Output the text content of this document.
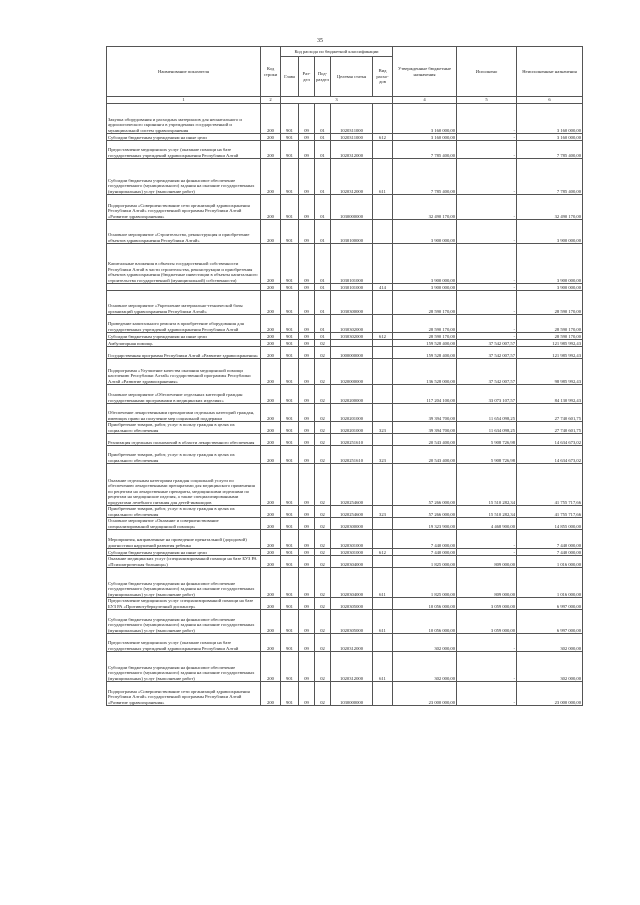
35
Наименование показателя	Код строки	Код расхода по бюджетной классификации					Утвержденные бюджетные назначения	Исполнено	Неисполненные назначения
		Глава	Раз-дел	Под-раздел	Целевая статья	Вид расхо-дов			
1	2	3					4	5	6
Закупка оборудования и расходных материалов для неонатального и аудиологического скрининга в учреждениях государственной и муниципальной систем здравоохранения	200	901	09	01	1020311000		3 160 000,00	-	3 160 000,00
Субсидии бюджетным учреждениям на иные цели	200	901	09	01	1020311000	612	3 160 000,00	-	3 160 000,00
Предоставление медицинских услуг (оказание помощи на базе государственных учреждений здравоохранения Республики Алтай	200	901	09	01	1020312000		7 785 400,00	-	7 785 400,00
Субсидии бюджетным учреждениям на финансовое обеспечение государственного (муниципального) задания на оказание государственных (муниципальных) услуг (выполнение работ)	200	901	09	01	1020312000	611	7 785 400,00	-	7 785 400,00
Подпрограмма «Совершенствование сети организаций здравоохранения Республики Алтай» государственной программы Республики Алтай «Развитие здравоохранения»	200	901	09	01	1030000000		32 490 170,00	-	32 490 170,00
Основное мероприятие «Строительство, реконструкция и приобретение объектов здравоохранения Республики Алтай»	200	901	09	01	1030100000		3 900 000,00	-	3 900 000,00
Капитальные вложения в объекты государственной собственности Республики Алтай в части строительства, реконструкции и приобретения объектов здравоохранения (бюджетные инвестиции в объекты капитального строительства государственной (муниципальной) собственности)	200	901	09	01	1030101000		3 900 000,00	-	3 900 000,00
	200	901	09	01	1030101000	414	3 900 000,00	-	3 900 000,00
Основное мероприятие «Укрепление материально-технической базы организаций здравоохранения Республики Алтай»	200	901	09	01	1030300000		28 590 170,00	-	28 590 170,00
Проведение капитального ремонта в приобретение оборудования для государственных учреждений здравоохранения Республики Алтай	200	901	09	01	1030302000		28 590 170,00	-	28 590 170,00
Субсидии бюджетным учреждениям на иные цели	200	901	09	01	1030302000	612	28 590 170,00	-	28 590 170,00
Амбулаторная помощь	200	901	09	02			159 528 400,00	37 542 007,57	121 985 992,43
Государственная программа Республики Алтай «Развитие здравоохранения»	200	901	09	02	1000000000		159 528 400,00	37 542 007,57	121 985 992,43
Подпрограмма «Улучшение качества оказания медицинской помощи населению Республики Алтай» государственной программы Республики Алтай «Развитие здравоохранения»	200	901	09	02	1020000000		136 528 000,00	37 542 007,57	98 985 992,43
Основное мероприятие «Обеспечение отдельных категорий граждан государственными программами в медицинских изделиях»	200	901	09	02	1020200000		117 204 100,00	33 073 107,57	84 130 992,43
Обеспечение лекарственными препаратами отдельных категорий граждан, имеющих право на получение мер социальной поддержки	200	901	09	02	1020201000		39 394 700,00	11 654 098,25	27 740 601,75
Приобретение товаров, работ, услуг в пользу граждан в целях их социального обеспечения	200	901	09	02	1020201000	323	39 394 700,00	11 634 098,25	27 740 601,75
Реализация отдельных полномочий в области лекарственного обеспечения	200	901	09	02	1020251610		20 543 400,00	5 908 726,98	14 634 673,02
Приобретение товаров, работ, услуг в пользу граждан в целях их социального обеспечения	200	901	09	02	1020251610	323	20 543 400,00	5 908 726,98	14 634 673,02
Оказание отдельным категориям граждан социальной услуги по обеспечению лекарственными препаратами для медицинского применения по рецептам на лекарственные препараты, медицинскими изделиями по рецептам на медицинские изделия, а также специализированными продуктами лечебного питания для детей-инвалидов	200	901	09	02	1020254600		57 266 000,00	15 510 282,34	41 755 717,66
Приобретение товаров, работ, услуг в пользу граждан в целях их социального обеспечения	200	901	09	02	1020254600	323	57 266 000,00	15 510 282,34	41 755 717,66
Основное мероприятие «Оказание и совершенствование специализированной медицинской помощи»	200	901	09	02	1020300000		19 323 900,00	4 468 900,00	14 855 000,00
Мероприятия, направленные на проведение пренатальной (дородовой) диагностики нарушений развития ребенка	200	901	09	02	1020301000		7 440 000,00	-	7 440 000,00
Субсидии бюджетным учреждениям на иные цели	200	901	09	02	1020301000	612	7 440 000,00	-	7 440 000,00
Оказание медицинских услуг (специализированной помощи на базе БУЗ РА «Психиатрическая больница»)	200	901	09	02	1020304000		1 825 000,00	809 000,00	1 016 000,00
Субсидии бюджетным учреждениям на финансовое обеспечение государственного (муниципального) задания на оказание государственных (муниципальных) услуг (выполнение работ)	200	901	09	02	1020304000	611	1 825 000,00	809 000,00	1 016 000,00
Предоставление медицинских услуг специализированной помощи на базе БУЗ РА «Противотуберкулезный диспансер»	200	901	09	02	1020305000		10 056 000,00	3 059 000,00	6 997 000,00
Субсидии бюджетным учреждениям на финансовое обеспечение государственного (муниципального) задания на оказание государственных (муниципальных) услуг (выполнение работ)	200	901	09	02	1020305000	611	10 056 000,00	3 059 000,00	6 997 000,00
Предоставление медицинских услуг (оказание помощи на базе государственных учреждений здравоохранения Республики Алтай	200	901	09	02	1020312000		302 000,00	-	302 000,00
Субсидии бюджетным учреждениям на финансовое обеспечение государственного (муниципального) задания на оказание государственных (муниципальных) услуг (выполнение работ)	200	901	09	02	1020312000	611	302 000,00	-	302 000,00
Подпрограмма «Совершенствование сети организаций здравоохранения Республики Алтай» государственной программы Республики Алтай «Развитие здравоохранения»	200	901	09	02	1030000000		23 000 000,00	-	23 000 000,00
